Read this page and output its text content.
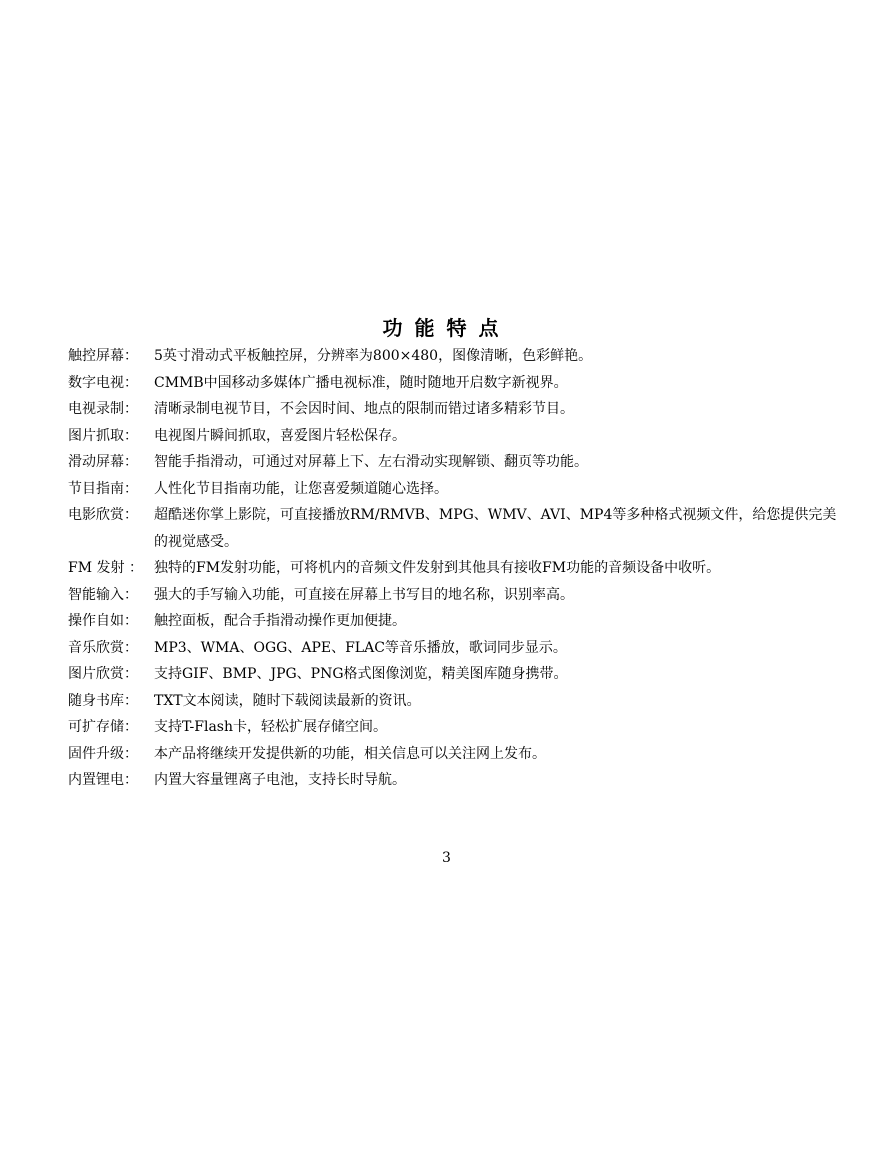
功能特点
触控屏幕：	5英寸滑动式平板触控屏，分辨率为800×480，图像清晰，色彩鲜艳。
数字电视：	CMMB中国移动多媒体广播电视标准，随时随地开启数字新视界。
电视录制：	清晰录制电视节目，不会因时间、地点的限制而错过诸多精彩节目。
图片抓取：	电视图片瞬间抓取，喜爱图片轻松保存。
滑动屏幕：	智能手指滑动，可通过对屏幕上下、左右滑动实现解锁、翻页等功能。
节目指南：	人性化节目指南功能，让您喜爱频道随心选择。
电影欣赏：	超酷迷你掌上影院，可直接播放RM/RMVB、MPG、WMV、AVI、MP4等多种格式视频文件，给您提供完美的视觉感受。
FM 发射 ： 独特的FM发射功能，可将机内的音频文件发射到其他具有接收FM功能的音频设备中收听。
智能输入：	强大的手写输入功能，可直接在屏幕上书写目的地名称，识别率高。
操作自如：	触控面板，配合手指滑动操作更加便捷。
音乐欣赏：	MP3、WMA、OGG、APE、FLAC等音乐播放，歌词同步显示。
图片欣赏：	支持GIF、BMP、JPG、PNG格式图像浏览，精美图库随身携带。
随身书库：	TXT文本阅读，随时下载阅读最新的资讯。
可扩存储：	支持T-Flash卡，轻松扩展存储空间。
固件升级：	本产品将继续开发提供新的功能，相关信息可以关注网上发布。
内置锂电：	内置大容量锂离子电池，支持长时导航。
3
